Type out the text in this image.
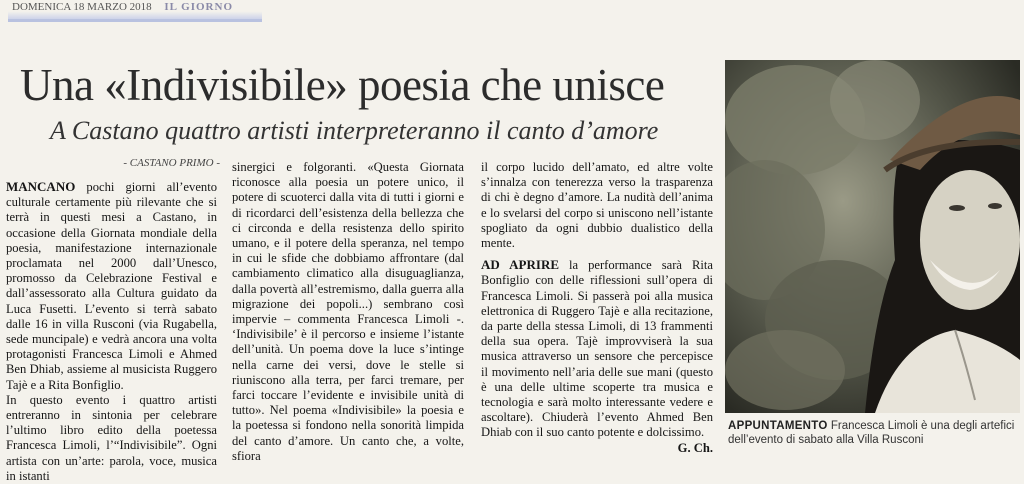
DOMENICA 18 MARZO 2018 IL GIORNO
Una «Indivisibile» poesia che unisce
A Castano quattro artisti interpreteranno il canto d’amore
- CASTANO PRIMO -

MANCANO pochi giorni all’evento culturale certamente più rilevante che si terrà in questi mesi a Castano, in occasione della Giornata mondiale della poesia, manifestazione internazionale proclamata nel 2000 dall’Unesco, promosso da Celebrazione Festival e dall’assessorato alla Cultura guidato da Luca Fusetti. L’evento si terrà sabato dalle 16 in villa Rusconi (via Rugabella, sede muncipale) e vedrà ancora una volta protagonisti Francesca Limoli e Ahmed Ben Dhiab, assieme al musicista Ruggero Tajè e a Rita Bonfiglio.

In questo evento i quattro artisti entreranno in sintonia per celebrare l’ultimo libro edito della poetessa Francesca Limoli, l’“Indivisibile”. Ogni artista con un’arte: parola, voce, musica in istanti

sinergici e folgoranti. «Questa Giornata riconosce alla poesia un potere unico, il potere di scuoterci dalla vita di tutti i giorni e di ricordarci dell’esistenza della bellezza che ci circonda e della resistenza dello spirito umano, e il potere della speranza, nel tempo in cui le sfide che dobbiamo affrontare (dal cambiamento climatico alla disuguaglianza, dalla povertà all’estremismo, dalla guerra alla migrazione dei popoli...) sembrano così impervie – commenta Francesca Limoli -. ‘Indivisibile’ è il percorso e insieme l’istante dell’unità. Un poema dove la luce s’intinge nella carne dei versi, dove le stelle si riuniscono alla terra, per farci tremare, per farci toccare l’evidente e invisibile unità di tutto». Nel poema «Indivisibile» la poesia e la poetessa si fondono nella sonorità limpida del canto d’amore. Un canto che, a volte, sfiora

il corpo lucido dell’amato, ed altre volte s’innalza con tenerezza verso la trasparenza di chi è degno d’amore. La nudità dell’anima e lo svelarsi del corpo si uniscono nell’istante spogliato da ogni dubbio dualistico della mente.

AD APRIRE la performance sarà Rita Bonfiglio con delle riflessioni sull’opera di Francesca Limoli. Si passerà poi alla musica elettronica di Ruggero Tajè e alla recitazione, da parte della stessa Limoli, di 13 frammenti della sua opera. Tajè improvviserà la sua musica attraverso un sensore che percepisce il movimento nell’aria delle sue mani (questo è una delle ultime scoperte tra musica e tecnologia e sarà molto interessante vedere e ascoltare). Chiuderà l’evento Ahmed Ben Dhiab con il suo canto potente e dolcissimo.

G. Ch.

APPUNTAMENTO Francesca Limoli è una degli artefici dell’evento di sabato alla Villa Rusconi
